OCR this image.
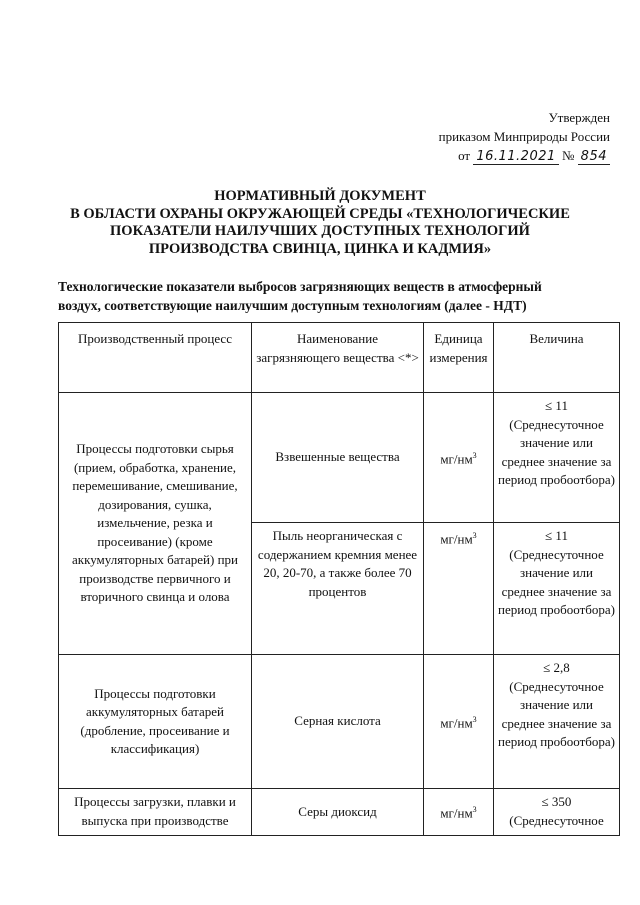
Утвержден
приказом Минприроды России
от 16.11.2021 № 854
НОРМАТИВНЫЙ ДОКУМЕНТ
В ОБЛАСТИ ОХРАНЫ ОКРУЖАЮЩЕЙ СРЕДЫ «ТЕХНОЛОГИЧЕСКИЕ
ПОКАЗАТЕЛИ НАИЛУЧШИХ ДОСТУПНЫХ ТЕХНОЛОГИЙ
ПРОИЗВОДСТВА СВИНЦА, ЦИНКА И КАДМИЯ»
Технологические показатели выбросов загрязняющих веществ в атмосферный
воздух, соответствующие наилучшим доступным технологиям (далее - НДТ)
Производственный процесс	Наименование загрязняющего вещества <*>	Единица измерения	Величина
Процессы подготовки сырья (прием, обработка, хранение, перемешивание, смешивание, дозирования, сушка, измельчение, резка и просеивание) (кроме аккумуляторных батарей) при производстве первичного и вторичного свинца и олова	Взвешенные вещества	$мг/нм^3$	≤ 11
(Среднесуточное значение или среднее значение за период пробоотбора)

	Пыль неорганическая с содержанием кремния менее 20, 20-70, а также более 70 процентов	$мг/нм^3$	≤ 11
(Среднесуточное значение или среднее значение за период пробоотбора)

Процессы подготовки аккумуляторных батарей (дробление, просеивание и классификация)	Серная кислота	$мг/нм^3$	≤ 2,8
(Среднесуточное значение или среднее значение за период пробоотбора)

Процессы загрузки, плавки и выпуска при производстве	Серы диоксид	$мг/нм^3$	≤ 350
(Среднесуточное
